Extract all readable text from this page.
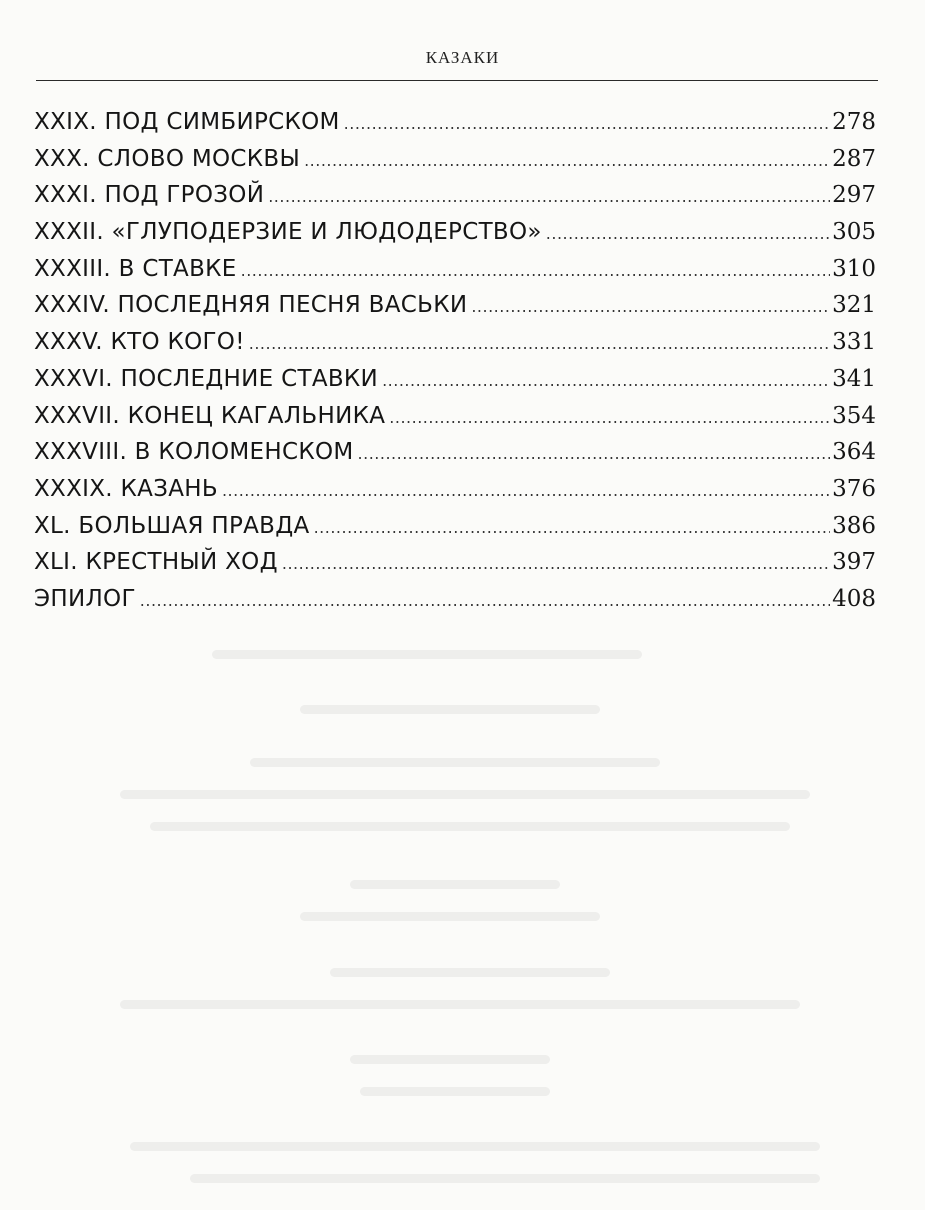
КАЗАКИ
XXIX. ПОД СИМБИРСКОМ .....	278
XXX. СЛОВО МОСКВЫ .....	287
XXXI. ПОД ГРОЗОЙ .....	297
XXXII. «ГЛУПОДЕРЗИЕ И ЛЮДОДЕРСТВО» .....	305
XXXIII. В СТАВКЕ .....	310
XXXIV. ПОСЛЕДНЯЯ ПЕСНЯ ВАСЬКИ .....	321
XXXV. КТО КОГО! .....	331
XXXVI. ПОСЛЕДНИЕ СТАВКИ .....	341
XXXVII. КОНЕЦ КАГАЛЬНИКА .....	354
XXXVIII. В КОЛОМЕНСКОМ .....	364
XXXIX. КАЗАНЬ .....	376
XL. БОЛЬШАЯ ПРАВДА .....	386
XLI. КРЕСТНЫЙ ХОД .....	397
ЭПИЛОГ .....	408
